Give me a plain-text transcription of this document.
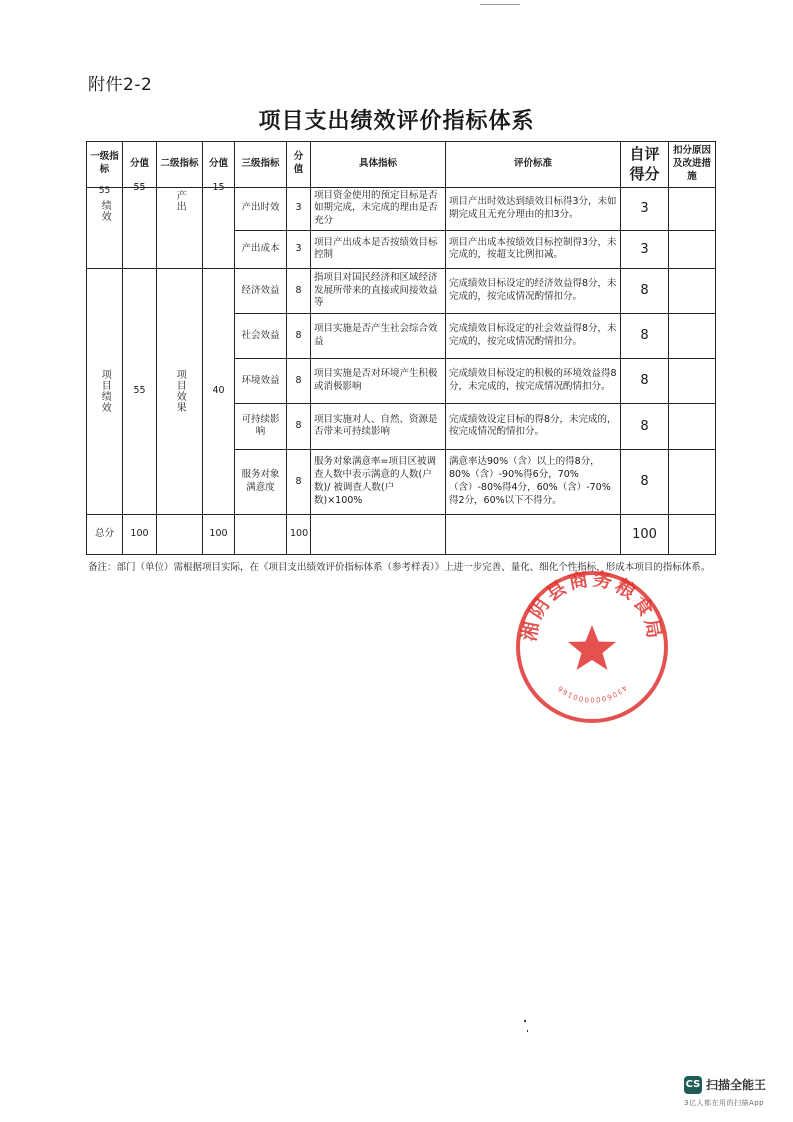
附件2-2
项目支出绩效评价指标体系
一级指标	分值	二级指标	分值	三级指标	分值	具体指标	评价标准	自评得分	扣分原因及改进措施

55
绩效	55	产出	15	产出时效	3	项目资金使用的预定目标是否如期完成，未完成的理由是否充分	项目产出时效达到绩效目标得3分，未如期完成且无充分理由的扣3分。	3	
				产出成本	3	项目产出成本是否按绩效目标控制	项目产出成本按绩效目标控制得3分，未完成的，按超支比例扣减。	3	

项目绩效	55	项目效果	40	经济效益	8	指项目对国民经济和区域经济发展所带来的直接或间接效益等	完成绩效目标设定的经济效益得8分，未完成的，按完成情况酌情扣分。	8	
				社会效益	8	项目实施是否产生社会综合效益	完成绩效目标设定的社会效益得8分，未完成的，按完成情况酌情扣分。	8	
				环境效益	8	项目实施是否对环境产生积极或消极影响	完成绩效目标设定的积极的环境效益得8分，未完成的，按完成情况酌情扣分。	8	
				可持续影响	8	项目实施对人、自然、资源是否带来可持续影响	完成绩效设定目标的得8分，未完成的，按完成情况酌情扣分。	8	
				服务对象满意度	8	服务对象满意率=项目区被调查人数中表示满意的人数(户数)/ 被调查人数(户数)×100%	满意率达90%（含）以上的得8分，80%（含）-90%得6分，70%（含）-80%得4分，60%（含）-70%得2分，60%以下不得分。	8	
总分	100		100		100			100	
备注：部门（单位）需根据项目实际，在《项目支出绩效评价指标体系（参考样表）》上进一步完善、量化、细化个性指标，形成本项目的指标体系。
湘阴县商务粮食局
4306000000166
CS 扫描全能王
3亿人都在用的扫描App
